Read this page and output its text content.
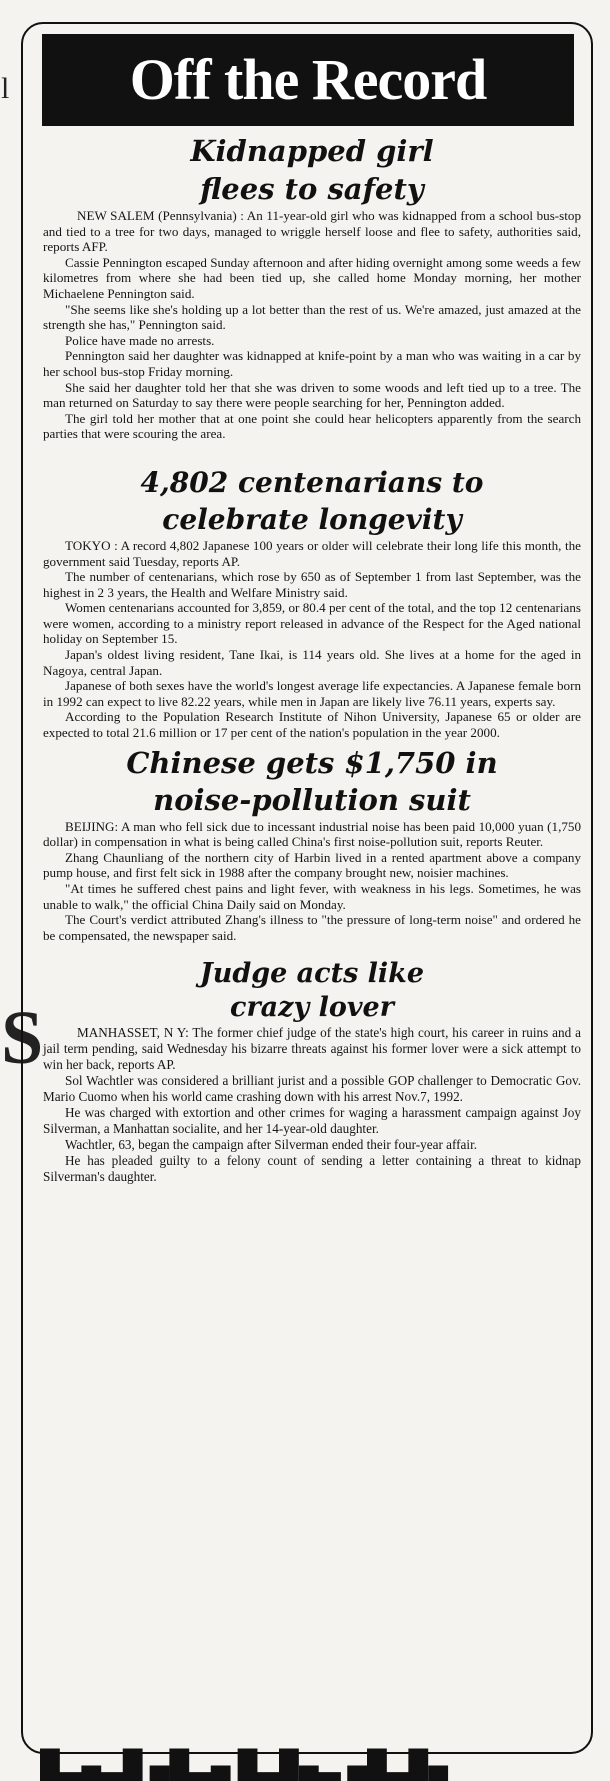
l
S
Off the Record
Kidnapped girl
flees to safety

NEW SALEM (Pennsylvania) : An 11-year-old girl who was kidnapped from a school bus-stop and tied to a tree for two days, managed to wriggle herself loose and flee to safety, authorities said, reports AFP.

Cassie Pennington escaped Sunday afternoon and after hiding overnight among some weeds a few kilometres from where she had been tied up, she called home Monday morning, her mother Michaelene Pennington said.

"She seems like she's holding up a lot better than the rest of us. We're amazed, just amazed at the strength she has," Pennington said.

Police have made no arrests.

Pennington said her daughter was kidnapped at knife-point by a man who was waiting in a car by her school bus-stop Friday morning.

She said her daughter told her that she was driven to some woods and left tied up to a tree. The man returned on Saturday to say there were people searching for her, Pennington added.

The girl told her mother that at one point she could hear helicopters apparently from the search parties that were scouring the area.

4,802 centenarians to
celebrate longevity

TOKYO : A record 4,802 Japanese 100 years or older will celebrate their long life this month, the government said Tuesday, reports AP.

The number of centenarians, which rose by 650 as of September 1 from last September, was the highest in 2 3 years, the Health and Welfare Ministry said.

Women centenarians accounted for 3,859, or 80.4 per cent of the total, and the top 12 centenarians were women, according to a ministry report released in advance of the Respect for the Aged national holiday on September 15.

Japan's oldest living resident, Tane Ikai, is 114 years old. She lives at a home for the aged in Nagoya, central Japan.

Japanese of both sexes have the world's longest average life expectancies. A Japanese female born in 1992 can expect to live 82.22 years, while men in Japan are likely live 76.11 years, experts say.

According to the Population Research Institute of Nihon University, Japanese 65 or older are expected to total 21.6 million or 17 per cent of the nation's population in the year 2000.

Chinese gets $1,750 in
noise-pollution suit

BEIJING: A man who fell sick due to incessant industrial noise has been paid 10,000 yuan (1,750 dollar) in compensation in what is being called China's first noise-pollution suit, reports Reuter.

Zhang Chaunliang of the northern city of Harbin lived in a rented apartment above a company pump house, and first felt sick in 1988 after the company brought new, noisier machines.

"At times he suffered chest pains and light fever, with weakness in his legs. Sometimes, he was unable to walk," the official China Daily said on Monday.

The Court's verdict attributed Zhang's illness to "the pressure of long-term noise" and ordered he be compensated, the newspaper said.

Judge acts like
crazy lover

MANHASSET, N Y: The former chief judge of the state's high court, his career in ruins and a jail term pending, said Wednesday his bizarre threats against his former lover were a sick attempt to win her back, reports AP.

Sol Wachtler was considered a brilliant jurist and a possible GOP challenger to Democratic Gov. Mario Cuomo when his world came crashing down with his arrest Nov.7, 1992.

He was charged with extortion and other crimes for waging a harassment campaign against Joy Silverman, a Manhattan socialite, and her 14-year-old daughter.

Wachtler, 63, began the campaign after Silverman ended their four-year affair.

He has pleaded guilty to a felony count of sending a letter containing a threat to kidnap Silverman's daughter.

█▂▄▂█ ▄█▂▄ █▂█▄▂ ▄█▂█▄
